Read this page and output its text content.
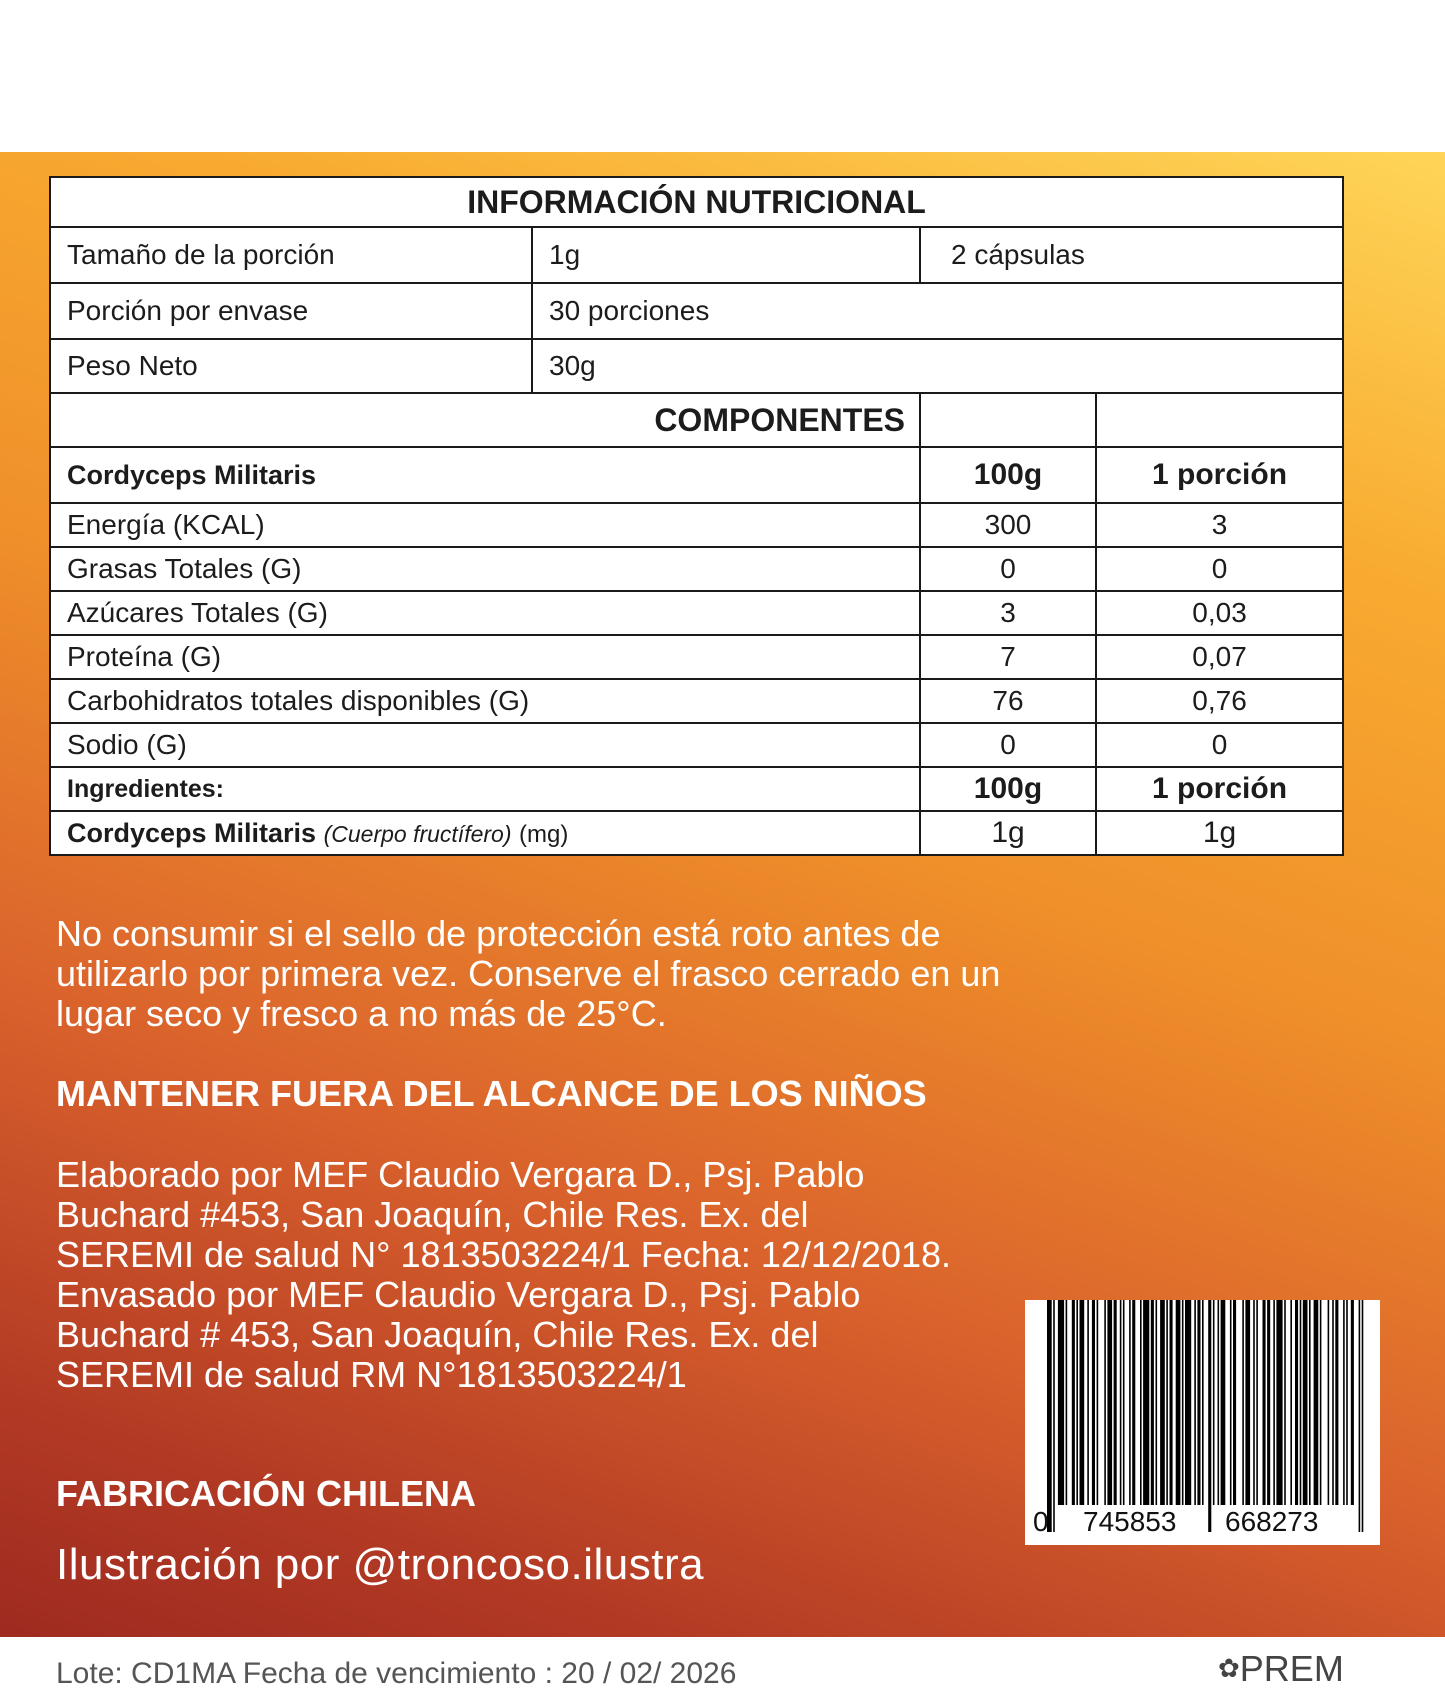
INFORMACIÓN NUTRICIONAL			
Tamaño de la porción	1g	2 cápsulas	
Porción por envase	30 porciones		
Peso Neto	30g		
COMPONENTES			
Cordyceps Militaris		100g	1 porción
Energía (KCAL)		300	3
Grasas Totales (G)		0	0
Azúcares Totales (G)		3	0,03
Proteína (G)		7	0,07
Carbohidratos totales disponibles (G)		76	0,76
Sodio (G)		0	0
Ingredientes:		100g	1 porción
Cordyceps Militaris (Cuerpo fructífero) (mg)		1g	1g

No consumir si el sello de protección está roto antes de utilizarlo por primera vez. Conserve el frasco cerrado en un lugar seco y fresco a no más de 25°C.

MANTENER FUERA DEL ALCANCE DE LOS NIÑOS

Elaborado por MEF Claudio Vergara D., Psj. Pablo Buchard #453, San Joaquín, Chile Res. Ex. del SEREMI de salud N° 1813503224/1 Fecha: 12/12/2018. Envasado por MEF Claudio Vergara D., Psj. Pablo Buchard # 453, San Joaquín, Chile Res. Ex. del SEREMI de salud RM N°1813503224/1

FABRICACIÓN CHILENA

Ilustración por @troncoso.ilustra

0 745853 668273
Lote: CD1MA Fecha de vencimiento : 20 / 02/ 2026	✿PREM
